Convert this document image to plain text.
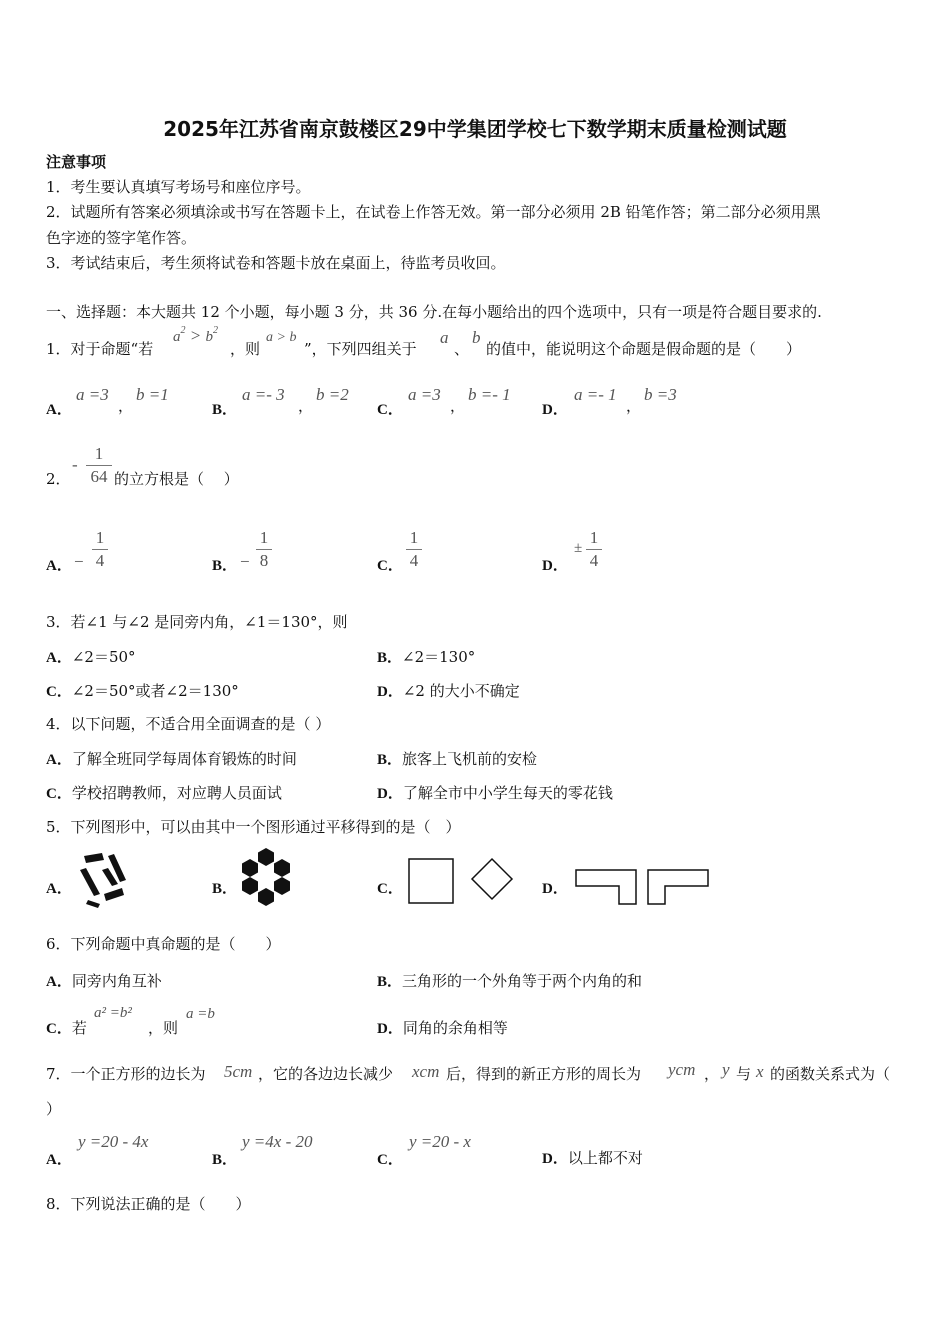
2025年江苏省南京鼓楼区29中学集团学校七下数学期末质量检测试题
注意事项
1．考生要认真填写考场号和座位序号。
2．试题所有答案必须填涂或书写在答题卡上，在试卷上作答无效。第一部分必须用 2B 铅笔作答；第二部分必须用黑
色字迹的签字笔作答。
3．考试结束后，考生须将试卷和答题卡放在桌面上，待监考员收回。
一、选择题：本大题共 12 个小题，每小题 3 分，共 36 分.在每小题给出的四个选项中，只有一项是符合题目要求的.
1．对于命题“若
$a^2 > b^2$
，则
a > b
”，下列四组关于
a
、
b
的值中，能说明这个命题是假命题的是（　　）
A．
a =3
，
b =1
B．
a =- 3
，
b =2
C．
a =3
，
b =- 1
D．
a =- 1
，
b =3
2．
-
1
64 的立方根是（　 ）
A． −
1
4	B． −
1
8	C．
1
4	D．
±
1
4
3．若∠1 与∠2 是同旁内角，∠1＝130°，则
A．∠2＝50°	B．∠2＝130°
C．∠2＝50°或者∠2＝130°	D．∠2 的大小不确定
4．以下问题，不适合用全面调查的是（ ）
A．了解全班同学每周体育锻炼的时间	B．旅客上飞机前的安检
C．学校招聘教师，对应聘人员面试	D．了解全市中小学生每天的零花钱
5．下列图形中，可以由其中一个图形通过平移得到的是（　）
A．	B．	C．	D．
6．下列命题中真命题的是（　　）
A．同旁内角互补	B．三角形的一个外角等于两个内角的和
C．若
a² =b²
，则
a =b
D．同角的余角相等
7．一个正方形的边长为 5cm ，它的各边边长减少 xcm 后，得到的新正方形的周长为 ycm ， y 与 x 的函数关系式为（
）
A．
y =20 - 4x
B．
y =4x - 20
C．
y =20 - x
D．以上都不对
8．下列说法正确的是（　　）
